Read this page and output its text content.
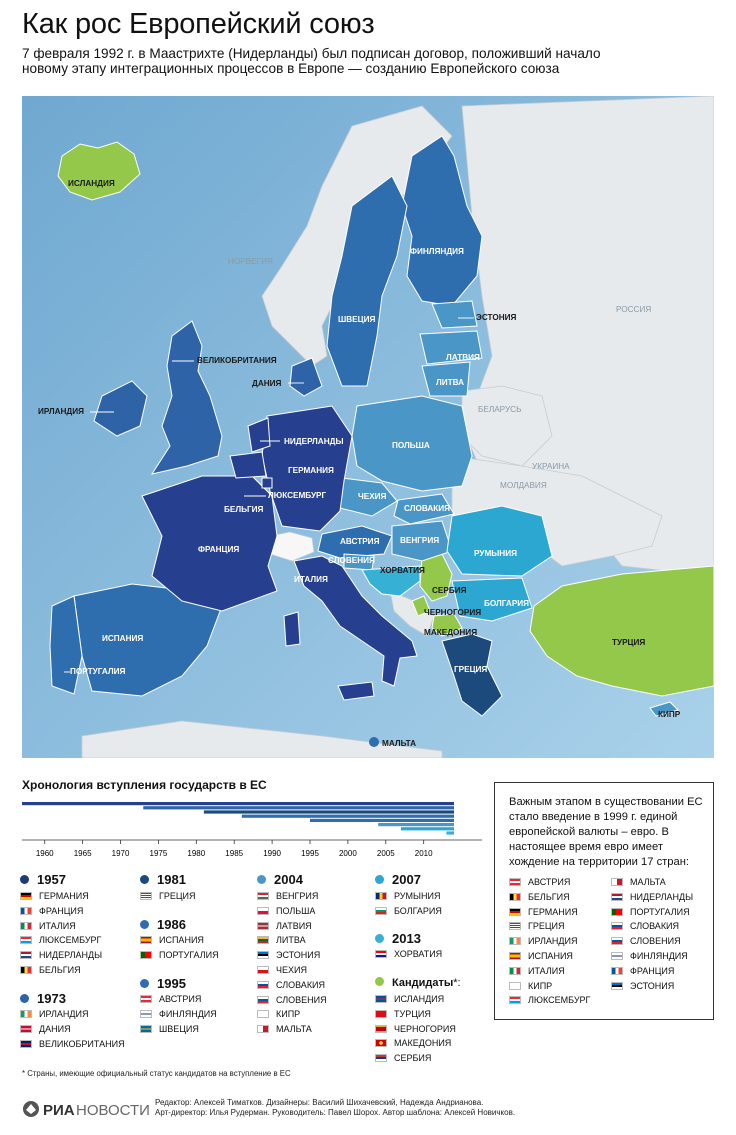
Как рос Европейский союз
7 февраля 1992 г. в Маастрихте (Нидерланды) был подписан договор, положивший начало
новому этапу интеграционных процессов в Европе — созданию Европейского союза
ИСЛАНДИЯ
НОРВЕГИЯ
ФИНЛЯНДИЯ
ШВЕЦИЯ	ЭСТОНИЯ
РОССИЯ
ЛАТВИЯ
ЛИТВА
ВЕЛИКОБРИТАНИЯ
ДАНИЯ
ИРЛАНДИЯ	БЕЛАРУСЬ
НИДЕРЛАНДЫ
ГЕРМАНИЯ
ПОЛЬША
ЛЮКСЕМБУРГ
БЕЛЬГИЯ
ЧЕХИЯ
УКРАИНА
МОЛДАВИЯ
СЛОВАКИЯ
ФРАНЦИЯ
АВСТРИЯ	ВЕНГРИЯ
РУМЫНИЯ
СЛОВЕНИЯ
ХОРВАТИЯ
СЕРБИЯ
ИТАЛИЯ
ЧЕРНОГОРИЯ
БОЛГАРИЯ
ИСПАНИЯ
МАКЕДОНИЯ
ТУРЦИЯ
ПОРТУГАЛИЯ	ГРЕЦИЯ
КИПР
МАЛЬТА
Хронология вступления государств в ЕС
1960	1965	1970	1975	1980	1985	1990	1995	2000	2005	2010
1957
ГЕРМАНИЯ
ФРАНЦИЯ
ИТАЛИЯ
ЛЮКСЕМБУРГ
НИДЕРЛАНДЫ
БЕЛЬГИЯ
1973
ИРЛАНДИЯ
ДАНИЯ
ВЕЛИКОБРИТАНИЯ
1981
ГРЕЦИЯ
1986
ИСПАНИЯ
ПОРТУГАЛИЯ
1995
АВСТРИЯ
ФИНЛЯНДИЯ
ШВЕЦИЯ
2004
ВЕНГРИЯ
ПОЛЬША
ЛАТВИЯ
ЛИТВА
ЭСТОНИЯ
ЧЕХИЯ
СЛОВАКИЯ
СЛОВЕНИЯ
КИПР
МАЛЬТА
2007
РУМЫНИЯ
БОЛГАРИЯ
2013
ХОРВАТИЯ
Кандидаты*:
ИСЛАНДИЯ
ТУРЦИЯ
ЧЕРНОГОРИЯ
МАКЕДОНИЯ
СЕРБИЯ
Важным этапом в существовании ЕС стало введение в 1999 г. единой европейской валюты – евро. В настоящее время евро имеет хождение на территории 17 стран:
АВСТРИЯ
БЕЛЬГИЯ
ГЕРМАНИЯ
ГРЕЦИЯ
ИРЛАНДИЯ
ИСПАНИЯ
ИТАЛИЯ
КИПР
ЛЮКСЕМБУРГ
МАЛЬТА
НИДЕРЛАНДЫ
ПОРТУГАЛИЯ
СЛОВАКИЯ
СЛОВЕНИЯ
ФИНЛЯНДИЯ
ФРАНЦИЯ
ЭСТОНИЯ
* Страны, имеющие официальный статус кандидатов на вступление в ЕС
РИА НОВОСТИ Редактор: Алексей Тиматков. Дизайнеры: Василий Шихачевский, Надежда Андрианова.
Арт-директор: Илья Рудерман. Руководитель: Павел Шорох. Автор шаблона: Алексей Новичков.
